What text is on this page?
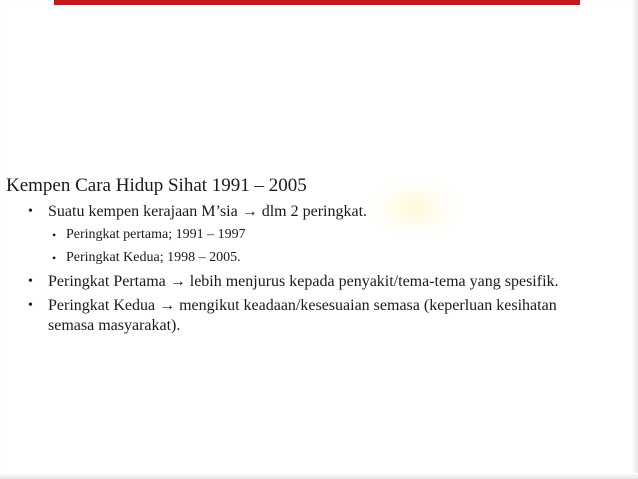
Kempen Cara Hidup Sihat 1991 – 2005
• Suatu kempen kerajaan M’sia → dlm 2 peringkat.
• Peringkat pertama; 1991 – 1997
• Peringkat Kedua; 1998 – 2005.
• Peringkat Pertama → lebih menjurus kepada penyakit/tema-tema yang spesifik.
• Peringkat Kedua → mengikut keadaan/kesesuaian semasa (keperluan kesihatan semasa masyarakat).
